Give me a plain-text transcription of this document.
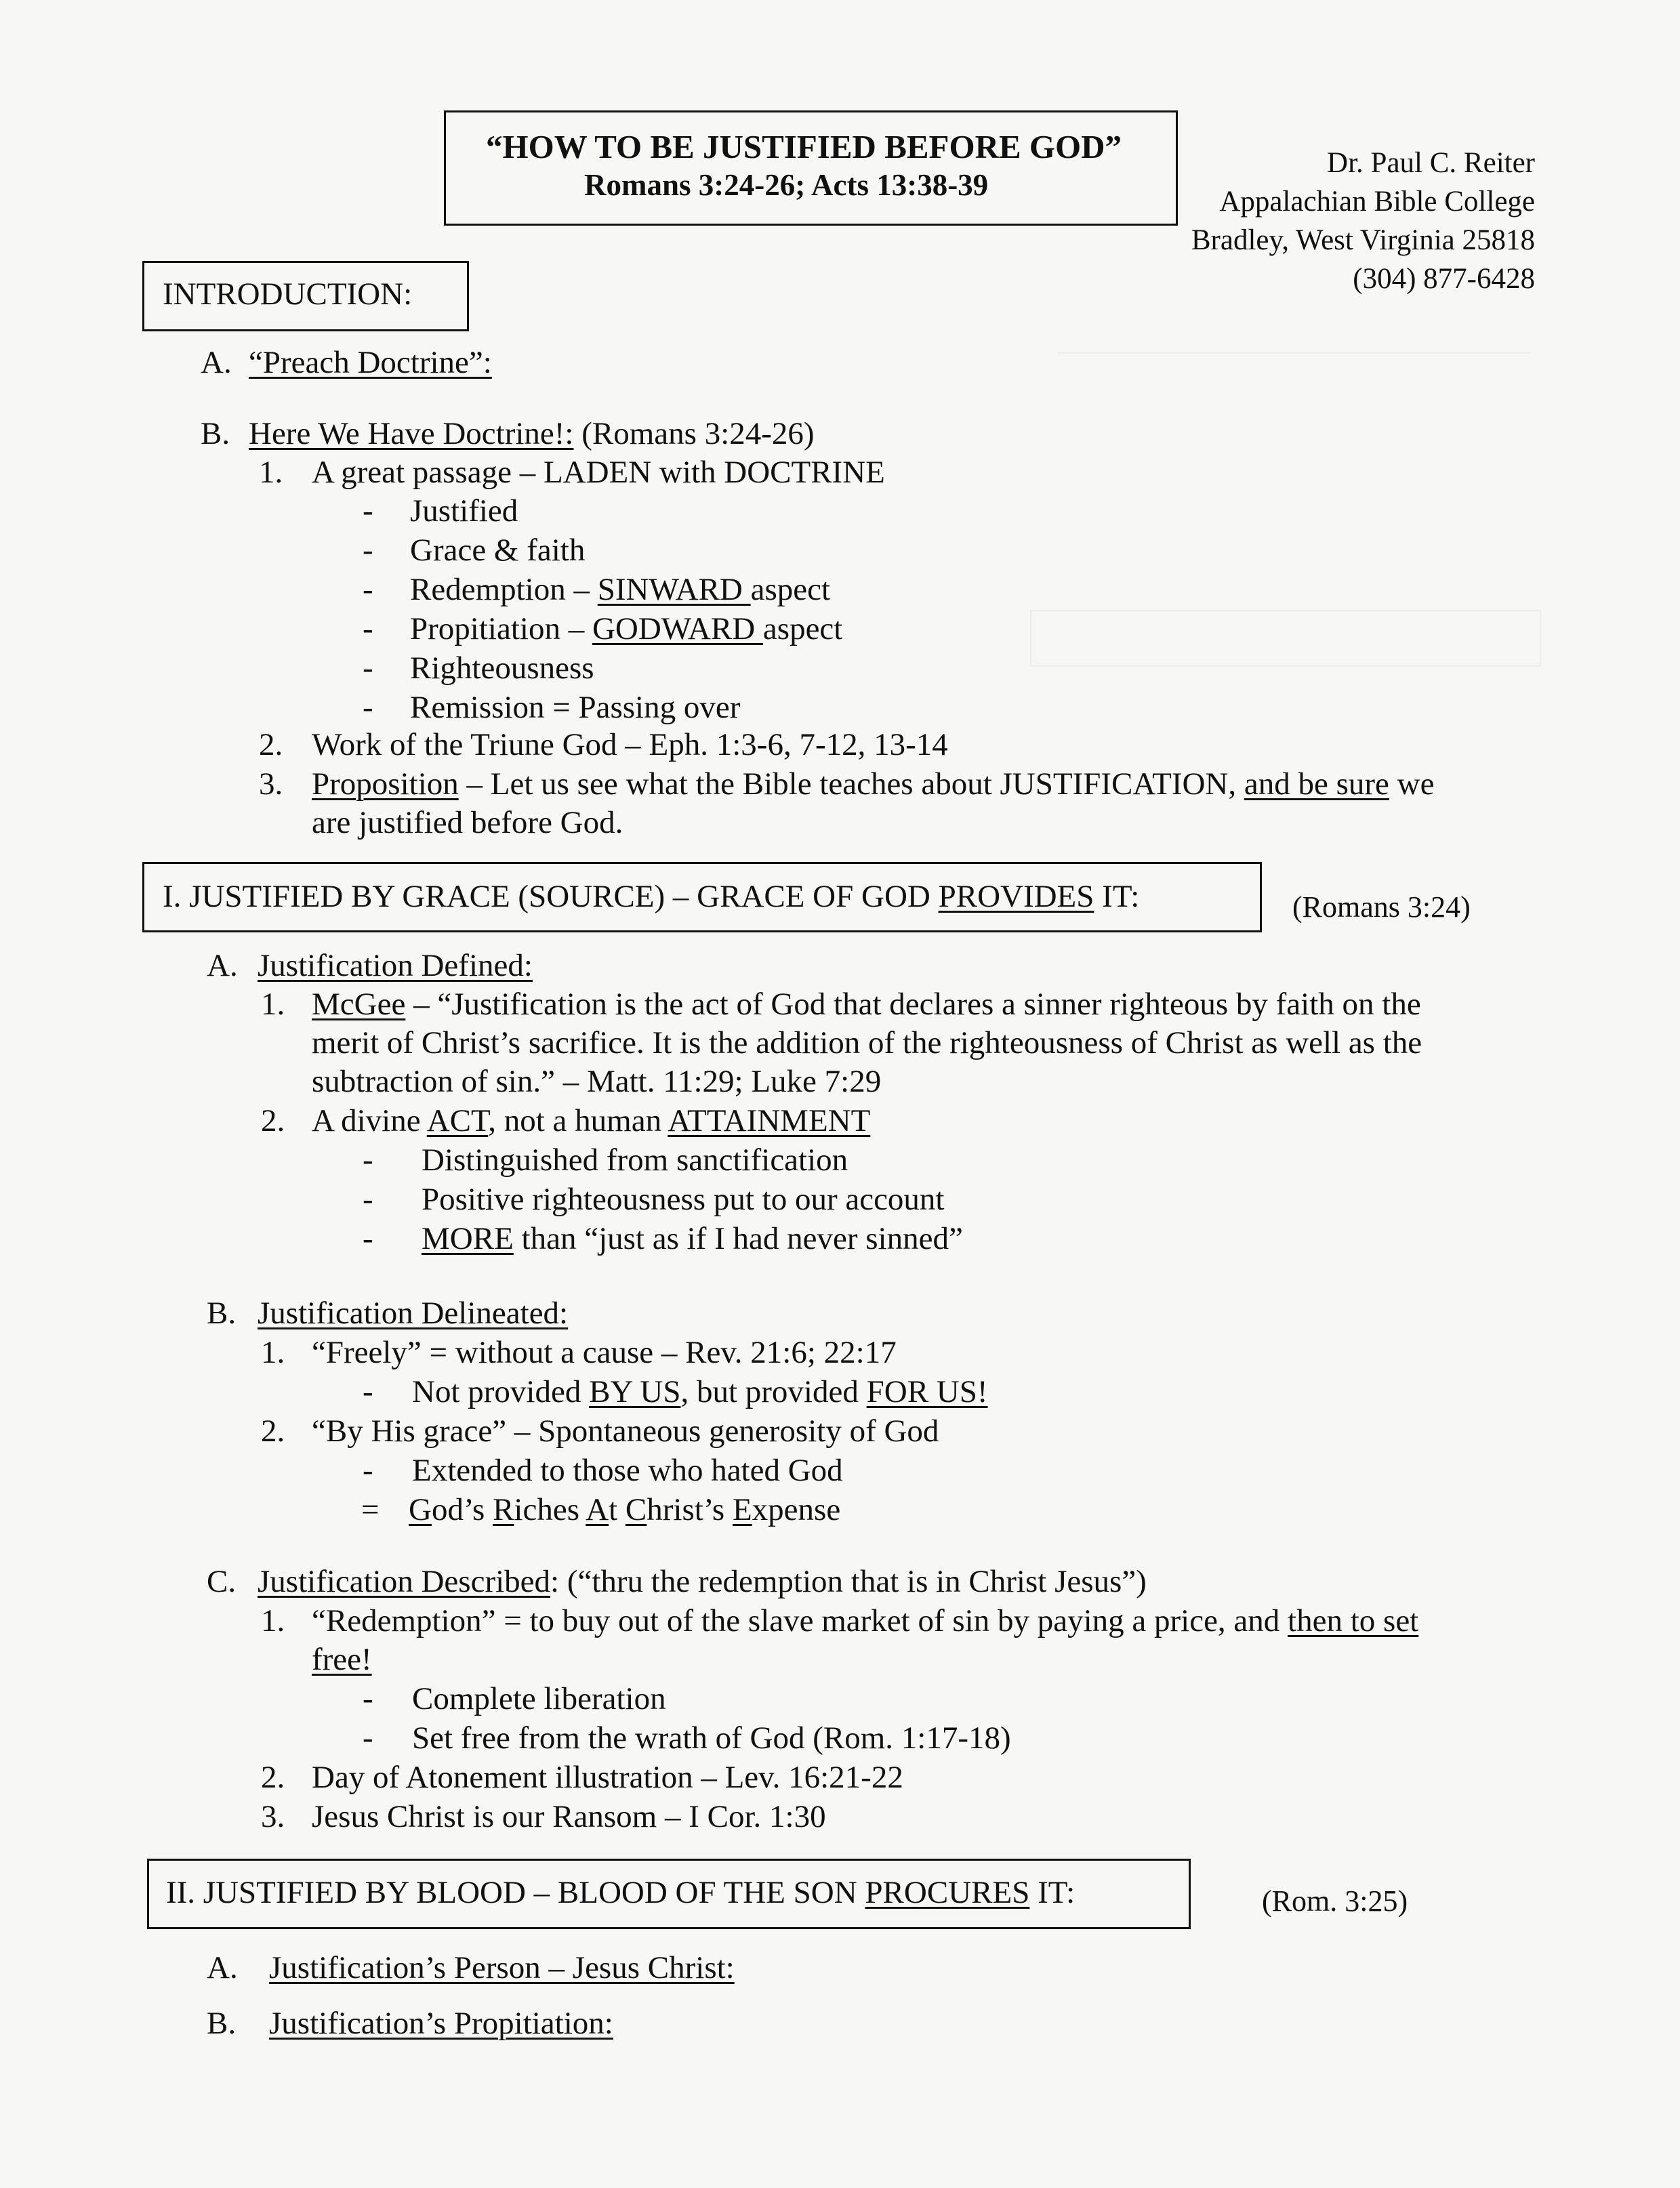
“HOW TO BE JUSTIFIED BEFORE GOD”
Romans 3:24-26; Acts 13:38-39
Dr. Paul C. Reiter
Appalachian Bible College
Bradley, West Virginia 25818
(304) 877-6428
INTRODUCTION:
A. “Preach Doctrine”:
B. Here We Have Doctrine!: (Romans 3:24-26)
1. A great passage – LADEN with DOCTRINE
- Justified
- Grace & faith
- Redemption – SINWARD aspect
- Propitiation – GODWARD aspect
- Righteousness
- Remission = Passing over
2. Work of the Triune God – Eph. 1:3-6, 7-12, 13-14
3. Proposition – Let us see what the Bible teaches about JUSTIFICATION, and be sure we
are justified before God.
I. JUSTIFIED BY GRACE (SOURCE) – GRACE OF GOD PROVIDES IT:	(Romans 3:24)
A. Justification Defined:
1. McGee – “Justification is the act of God that declares a sinner righteous by faith on the
merit of Christ’s sacrifice. It is the addition of the righteousness of Christ as well as the
subtraction of sin.” – Matt. 11:29; Luke 7:29
2. A divine ACT, not a human ATTAINMENT
- Distinguished from sanctification
- Positive righteousness put to our account
- MORE than “just as if I had never sinned”
B. Justification Delineated:
1. “Freely” = without a cause – Rev. 21:6; 22:17
- Not provided BY US, but provided FOR US!
2. “By His grace” – Spontaneous generosity of God
- Extended to those who hated God
= God’s Riches At Christ’s Expense
C. Justification Described: (“thru the redemption that is in Christ Jesus”)
1. “Redemption” = to buy out of the slave market of sin by paying a price, and then to set
free!
- Complete liberation
- Set free from the wrath of God (Rom. 1:17-18)
2. Day of Atonement illustration – Lev. 16:21-22
3. Jesus Christ is our Ransom – I Cor. 1:30
II. JUSTIFIED BY BLOOD – BLOOD OF THE SON PROCURES IT:	(Rom. 3:25)
A. Justification’s Person – Jesus Christ:
B. Justification’s Propitiation:
